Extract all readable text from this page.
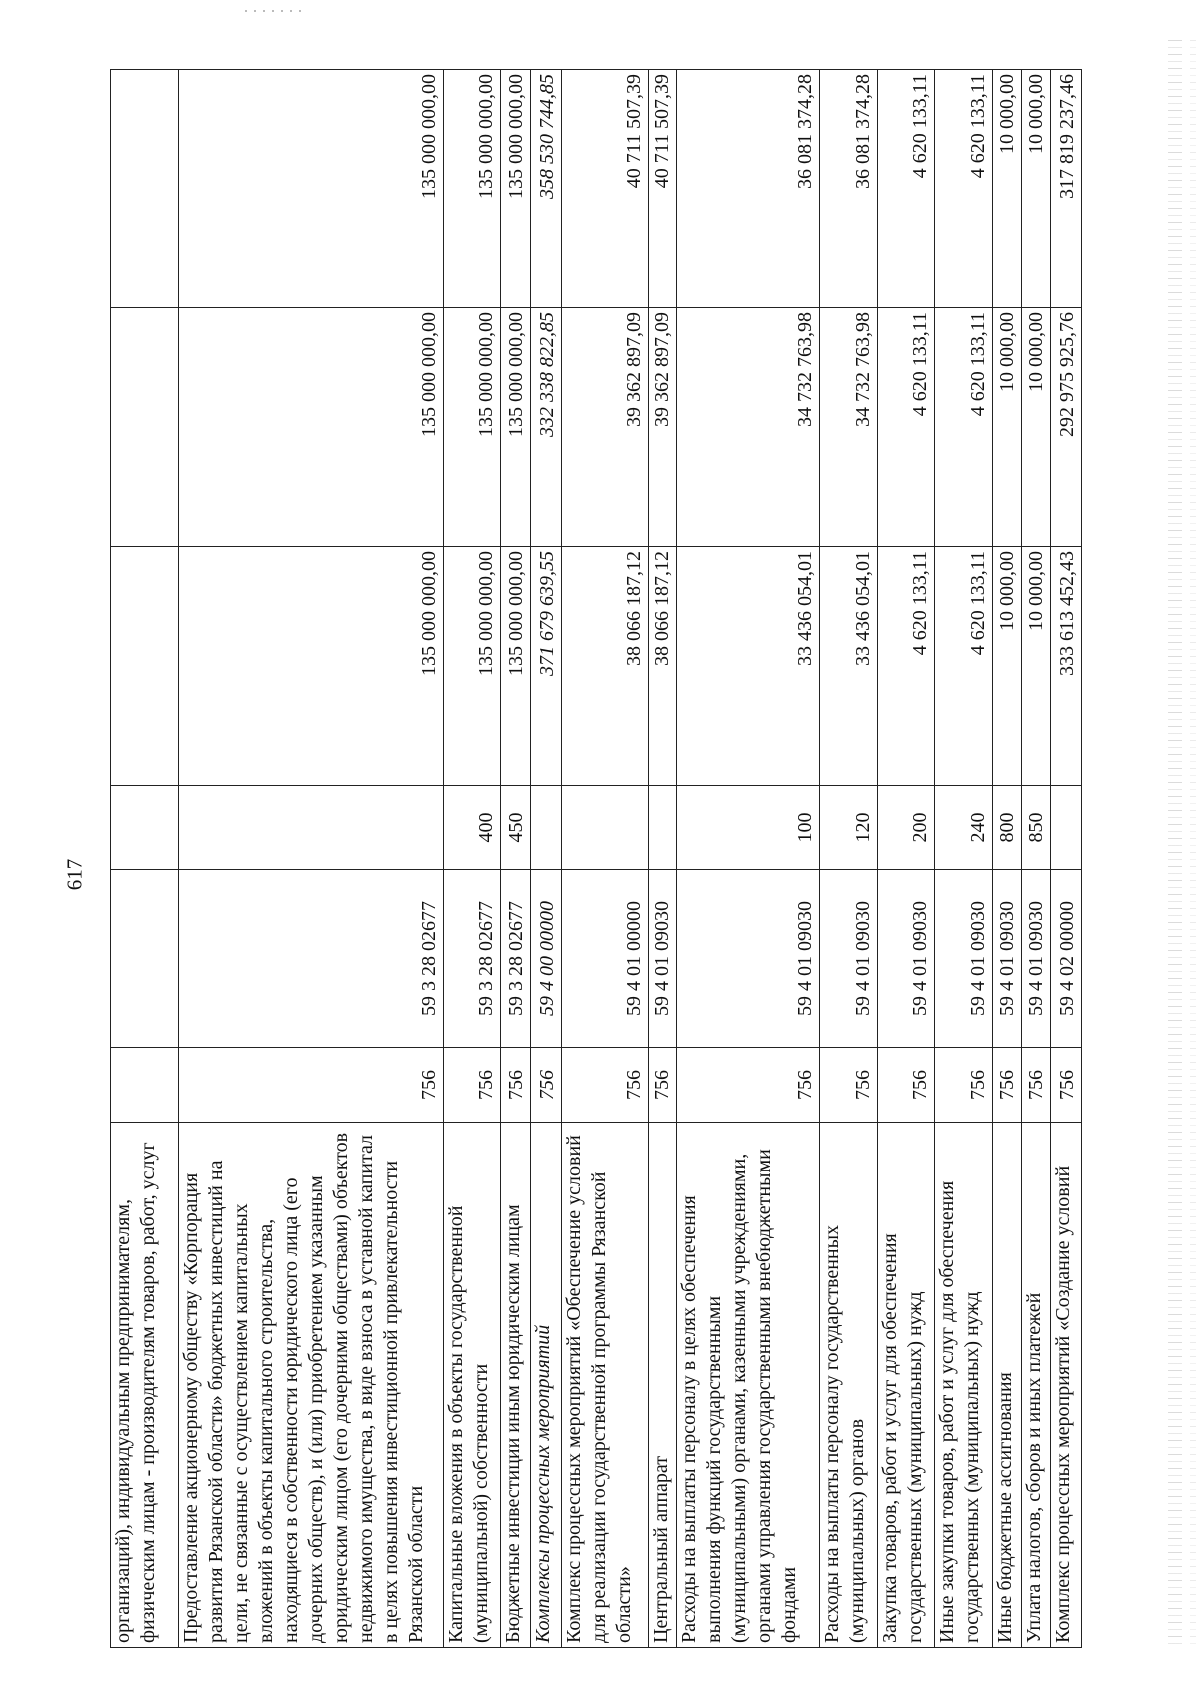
617
организаций), индивидуальным предпринимателям, физическим лицам - производителям товаров, работ, услуг						
Предоставление акционерному обществу «Корпорация развития Рязанской области» бюджетных инвестиций на цели, не связанные с осуществлением капитальных вложений в объекты капитального строительства, находящиеся в собственности юридического лица (его дочерних обществ), и (или) приобретением указанным юридическим лицом (его дочерними обществами) объектов недвижимого имущества, в виде взноса в уставной капитал в целях повышения инвестиционной привлекательности Рязанской области	756	59 3 28 02677		135 000 000,00	135 000 000,00	135 000 000,00
Капитальные вложения в объекты государственной (муниципальной) собственности	756	59 3 28 02677	400	135 000 000,00	135 000 000,00	135 000 000,00
Бюджетные инвестиции иным юридическим лицам	756	59 3 28 02677	450	135 000 000,00	135 000 000,00	135 000 000,00
Комплексы процессных мероприятий	756	59 4 00 00000		371 679 639,55	332 338 822,85	358 530 744,85
Комплекс процессных мероприятий «Обеспечение условий для реализации государственной программы Рязанской области»	756	59 4 01 00000		38 066 187,12	39 362 897,09	40 711 507,39
Центральный аппарат	756	59 4 01 09030		38 066 187,12	39 362 897,09	40 711 507,39
Расходы на выплаты персоналу в целях обеспечения выполнения функций государственными (муниципальными) органами, казенными учреждениями, органами управления государственными внебюджетными фондами	756	59 4 01 09030	100	33 436 054,01	34 732 763,98	36 081 374,28
Расходы на выплаты персоналу государственных (муниципальных) органов	756	59 4 01 09030	120	33 436 054,01	34 732 763,98	36 081 374,28
Закупка товаров, работ и услуг для обеспечения государственных (муниципальных) нужд	756	59 4 01 09030	200	4 620 133,11	4 620 133,11	4 620 133,11
Иные закупки товаров, работ и услуг для обеспечения государственных (муниципальных) нужд	756	59 4 01 09030	240	4 620 133,11	4 620 133,11	4 620 133,11
Иные бюджетные ассигнования	756	59 4 01 09030	800	10 000,00	10 000,00	10 000,00
Уплата налогов, сборов и иных платежей	756	59 4 01 09030	850	10 000,00	10 000,00	10 000,00
Комплекс процессных мероприятий «Создание условий	756	59 4 02 00000		333 613 452,43	292 975 925,76	317 819 237,46
